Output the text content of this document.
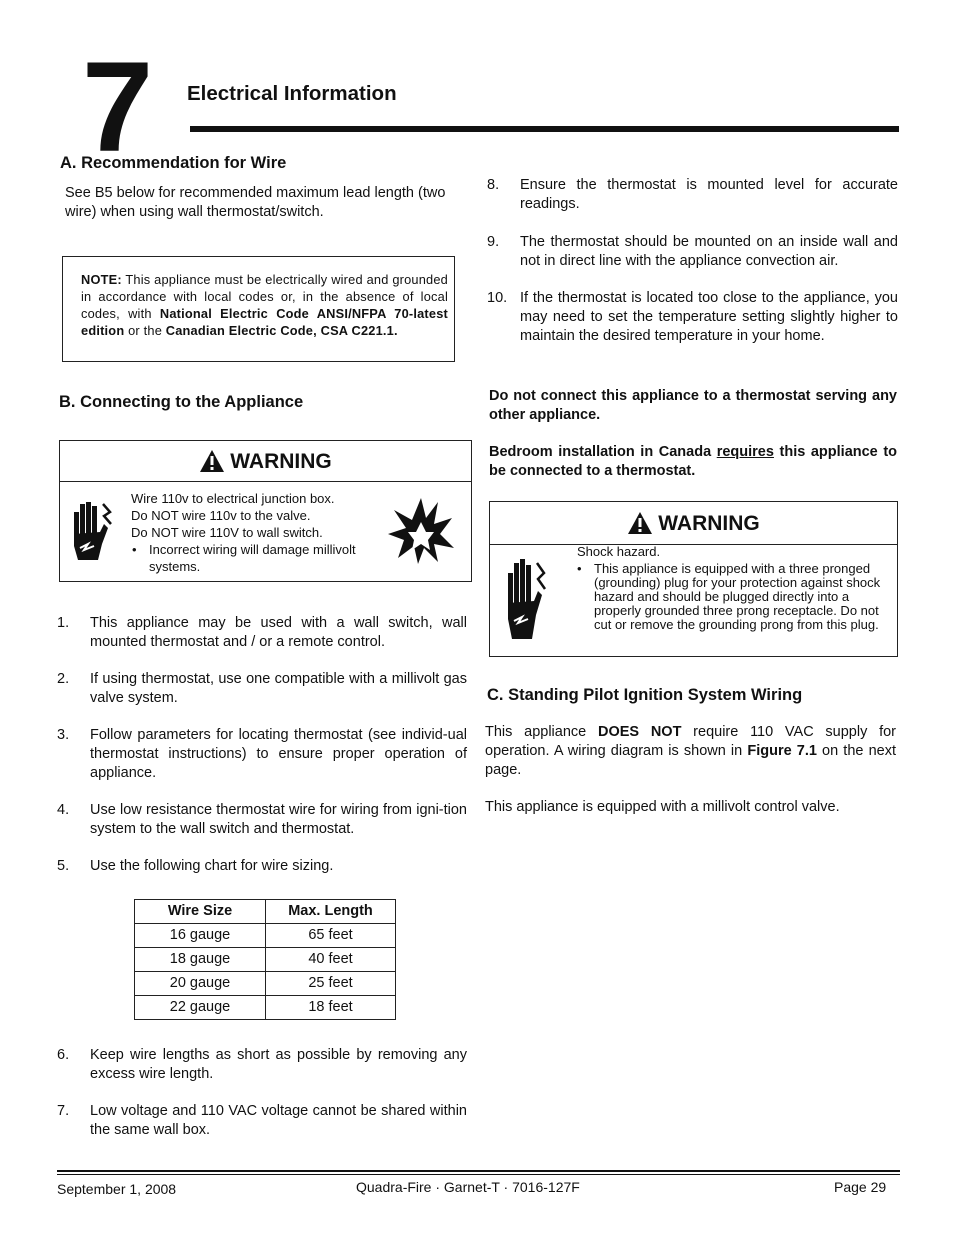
7 Electrical Information
A. Recommendation for Wire
See B5 below for recommended maximum lead length (two wire) when using wall thermostat/switch.
NOTE: This appliance must be electrically wired and grounded in accordance with local codes or, in the absence of local codes, with National Electric Code ANSI/NFPA 70-latest edition or the Canadian Electric Code, CSA C221.1.
B. Connecting to the Appliance
WARNING
Wire 110v to electrical junction box.
Do NOT wire 110v to the valve.
Do NOT wire 110V to wall switch.
• Incorrect wiring will damage millivolt systems.
1.	This appliance may be used with a wall switch, wall mounted thermostat and / or a remote control.
2.	If using thermostat, use one compatible with a millivolt gas valve system.
3.	Follow parameters for locating thermostat (see individ-ual thermostat instructions) to ensure proper operation of appliance.
4.	Use low resistance thermostat wire for wiring from igni-tion system to the wall switch and thermostat.
5.	Use the following chart for wire sizing.
6.	Keep wire lengths as short as possible by removing any excess wire length.
7.	Low voltage and 110 VAC voltage cannot be shared within the same wall box.
Wire Size	Max. Length
16 gauge	65 feet
18 gauge	40 feet
20 gauge	25 feet
22 gauge	18 feet
8.	Ensure the thermostat is mounted level for accurate readings.
9.	The thermostat should be mounted on an inside wall and not in direct line with the appliance convection air.
10. If the thermostat is located too close to the appliance, you may need to set the temperature setting slightly higher to maintain the desired temperature in your home.
Do not connect this appliance to a thermostat serving any other appliance.
Bedroom installation in Canada requires this appliance to be connected to a thermostat.
WARNING
Shock hazard.
• This appliance is equipped with a three pronged (grounding) plug for your protection against shock hazard and should be plugged directly into a properly grounded three prong receptacle. Do not cut or remove the grounding prong from this plug.
C. Standing Pilot Ignition System Wiring
This appliance DOES NOT require 110 VAC supply for operation. A wiring diagram is shown in Figure 7.1 on the next page.
This appliance is equipped with a millivolt control valve.
September 1, 2008	Quadra-Fire · Garnet-T · 7016-127F	Page 29
